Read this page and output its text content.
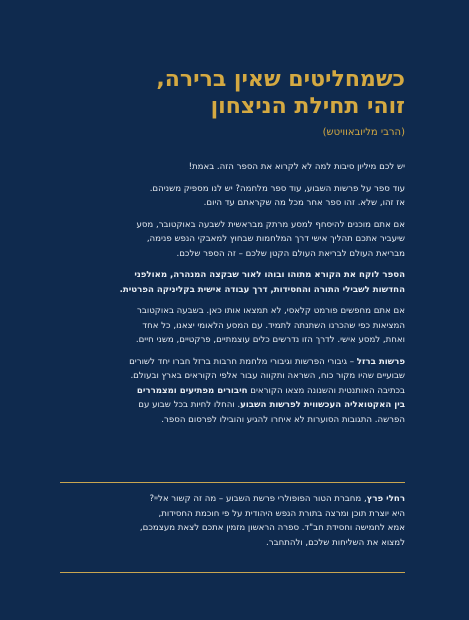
כשמחליטים שאין ברירה,
זוהי תחילת הניצחון
(הרבי מליובאוויטש)

יש לכם מיליון סיבות למה לא לקרוא את הספר הזה. באמת!

עוד ספר על פרשות השבוע, עוד ספר מלחמה? יש לנו מספיק משניהם.
אז זהו, שלא. זהו ספר אחר מכל מה שקראתם עד היום.

אם אתם מוכנים להיסחף למסע מרתק מבראשית לשבעה באוקטובר, מסע
שיעביר אתכם תהליך אישי דרך המלחמות שבחוץ למאבקי הנפש פנימה,
מבריאת העולם לבריאת העולם הקטן שלכם – זה הספר שלכם.

הספר לוקח את הקורא מתוהו ובוהו לאור שבקצה המנהרה, מאולפני
החדשות לשבילי התורה והחסידות, דרך עבודה אישית בקליניקה הפרטית.

אם אתם מחפשים פורמט קלאסי, לא תמצאו אותו כאן. בשבעה באוקטובר
המציאות כפי שהכרנו השתנתה לתמיד. עם המסע הלאומי יצאנו, כל אחד
ואחת, למסע אישי. לדרך הזו נדרשים כלים עוצמתיים, פרקטיים, משני חיים.

פרשות ברזל – גיבורי הפרשות וגיבורי מלחמת חרבות ברזל חברו יחד לשורים
שבועיים שהיו מקור כוח, השראה ותקווה עבור אלפי הקוראים בארץ ובעולם.
בכתיבה האותנטית והשנונה מצאו הקוראים חיבורים מפתיעים ומצמררים
בין האקטואליה העכשווית לפרשות השבוע. והחלו לחיות בכל שבוע עם
הפרשה. התגובות הסוערות לא איחרו להגיע והובילו לפרסום הספר.

רחלי פרץ, מחברת הטור הפופולרי פרשת השבוע – מה זה קשור אליי?
היא יוצרת תוכן ומרצה בתורת הנפש היהודית על פי חוכמת החסידות,
אמא לחמישה וחסידת חב"ד. ספרה הראשון מזמין אתכם לצאת מעצמכם,
למצוא את השליחות שלכם, ולהתחבר.
